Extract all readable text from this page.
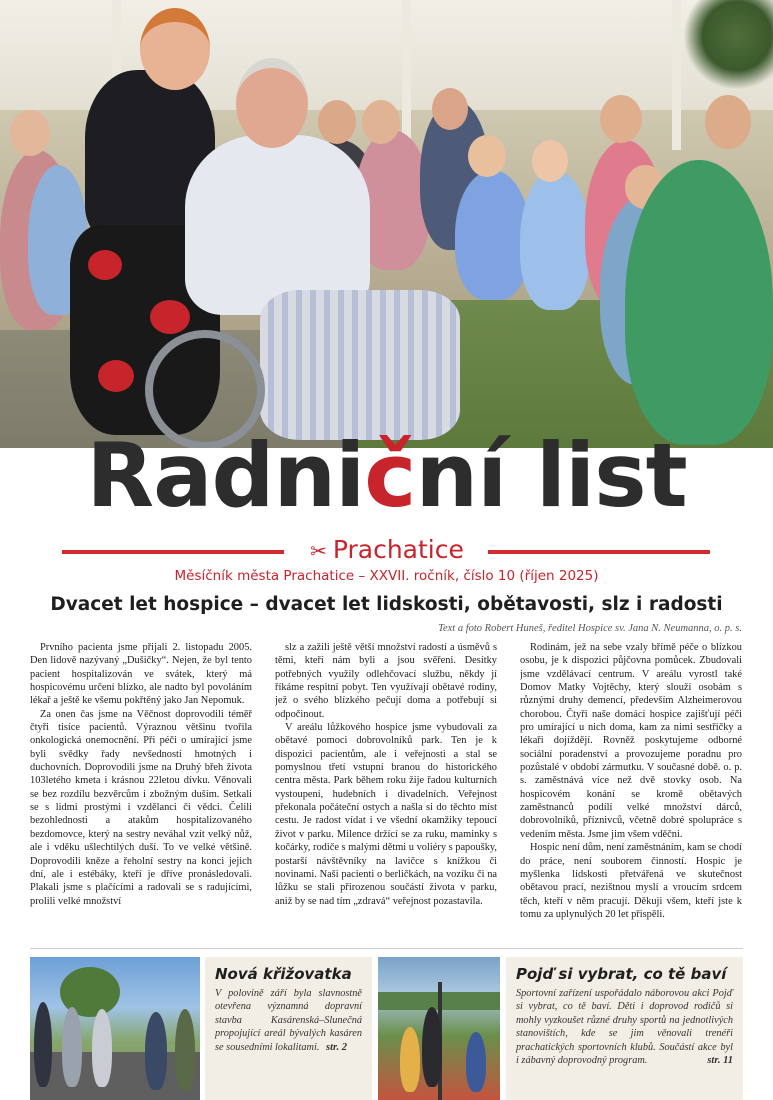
Radniční list
✂ Prachatice
Měsíčník města Prachatice – XXVII. ročník, číslo 10 (říjen 2025)
Dvacet let hospice – dvacet let lidskosti, obětavosti, slz i radosti
Text a foto Robert Huneš, ředitel Hospice sv. Jana N. Neumanna, o. p. s.

Prvního pacienta jsme přijali 2. listopadu 2005. Den lidově nazývaný „Dušičky“. Nejen, že byl tento pacient hospitalizován ve svátek, který má hospicovému určení blízko, ale nadto byl povoláním lékař a ještě ke všemu pokřtěný jako Jan Nepomuk.

Za onen čas jsme na Věčnost doprovodili téměř čtyři tisíce pacientů. Výraznou většinu tvořila onkologická onemocnění. Při péči o umírající jsme byli svědky řady nevšedností hmotných i duchovních. Doprovodili jsme na Druhý břeh života 103letého kmeta i krásnou 22letou dívku. Věnovali se bez rozdílu bezvěrcům i zbožným duším. Setkali se s lidmi prostými i vzdělanci či vědci. Čelili bezohlednosti a atakům hospitalizovaného bezdomovce, který na sestry neváhal vzít velký nůž, ale i vděku ušlechtilých duší. To ve velké většině. Doprovodili kněze a řeholní sestry na konci jejich dní, ale i estébáky, kteří je dříve pronásledovali. Plakali jsme s plačícími a radovali se s radujícími, prolili velké množství

slz a zažili ještě větší množství radostí a úsměvů s těmi, kteří nám byli a jsou svěřeni. Desítky potřebných využily odlehčovací službu, někdy jí říkáme respitní pobyt. Ten využívají obětavé rodiny, jež o svého blízkého pečují doma a potřebují si odpočinout.

V areálu lůžkového hospice jsme vybudovali za obětavé pomoci dobrovolníků park. Ten je k dispozici pacientům, ale i veřejnosti a stal se pomyslnou třetí vstupní branou do historického centra města. Park během roku žije řadou kulturních vystoupení, hudebních i divadelních. Veřejnost překonala počáteční ostych a našla si do těchto míst cestu. Je radost vídat i ve všední okamžiky tepoucí život v parku. Milence držící se za ruku, maminky s kočárky, rodiče s malými dětmi u voliéry s papoušky, postarší návštěvníky na lavičce s knížkou či novinami. Naši pacienti o berličkách, na vozíku či na lůžku se stali přirozenou součástí života v parku, aniž by se nad tím „zdravá“ veřejnost pozastavila.

Rodinám, jež na sebe vzaly břímě péče o blízkou osobu, je k dispozici půjčovna pomůcek. Zbudovali jsme vzdělávací centrum. V areálu vyrostl také Domov Matky Vojtěchy, který slouží osobám s různými druhy demencí, především Alzheimerovou chorobou. Čtyři naše domácí hospice zajišťují péči pro umírající u nich doma, kam za nimi sestřičky a lékaři dojíždějí. Rovněž poskytujeme odborné sociální poradenství a provozujeme poradnu pro pozůstalé v období zármutku. V současné době. o. p. s. zaměstnává více než dvě stovky osob. Na hospicovém konání se kromě obětavých zaměstnanců podílí velké množství dárců, dobrovolníků, příznivců, včetně dobré spolupráce s vedením města. Jsme jim všem vděčni.

Hospic není dům, není zaměstnáním, kam se chodí do práce, není souborem činností. Hospic je myšlenka lidskosti přetvářená ve skutečnost obětavou prací, nezištnou myslí a vroucím srdcem těch, kteří v něm pracují. Děkuji všem, kteří jste k tomu za uplynulých 20 let přispěli.

Nová křižovatka
V polovině září byla slavnostně otevřena významná dopravní stavba Kasárenská–Slunečná propojující areál bývalých kasáren se sousedními lokalitami. str. 2
Pojď si vybrat, co tě baví
Sportovní zařízení uspořádalo náborovou akci Pojď si vybrat, co tě baví. Děti i doprovod rodičů si mohly vyzkoušet různé druhy sportů na jednotlivých stanovištích, kde se jim věnovali trenéři prachatických sportovních klubů. Součástí akce byl i zábavný doprovodný program.	str. 11
